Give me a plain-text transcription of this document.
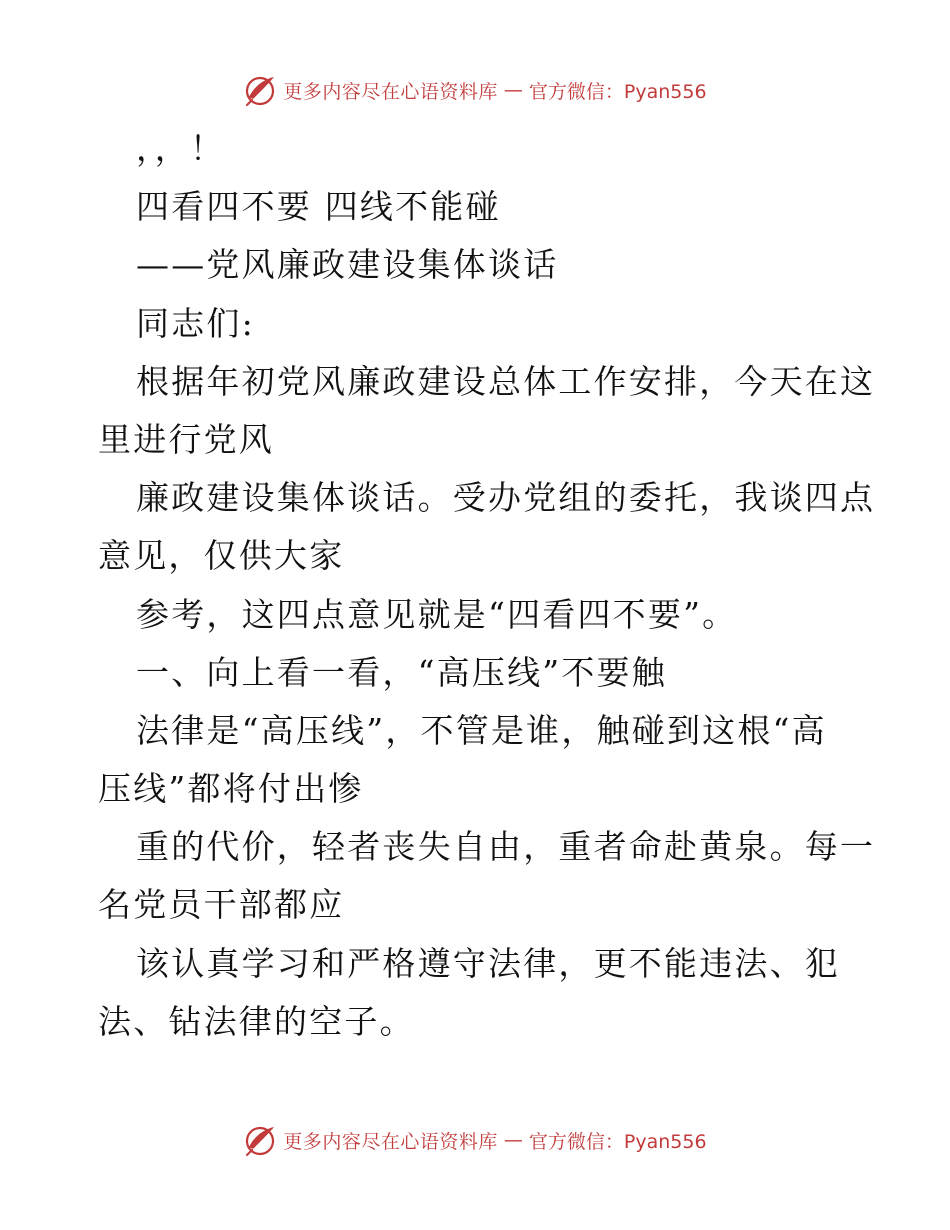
更多内容尽在心语资料库 — 官方微信：Pyan556
，，！
四看四不要 四线不能碰
——党风廉政建设集体谈话
同志们:
根据年初党风廉政建设总体工作安排，今天在这
里进行党风
廉政建设集体谈话。受办党组的委托，我谈四点
意见，仅供大家
参考，这四点意见就是“四看四不要”。
一、向上看一看，“高压线”不要触
法律是“高压线”，不管是谁，触碰到这根“高
压线”都将付出惨
重的代价，轻者丧失自由，重者命赴黄泉。每一
名党员干部都应
该认真学习和严格遵守法律，更不能违法、犯
法、钻法律的空子。
更多内容尽在心语资料库 — 官方微信：Pyan556
